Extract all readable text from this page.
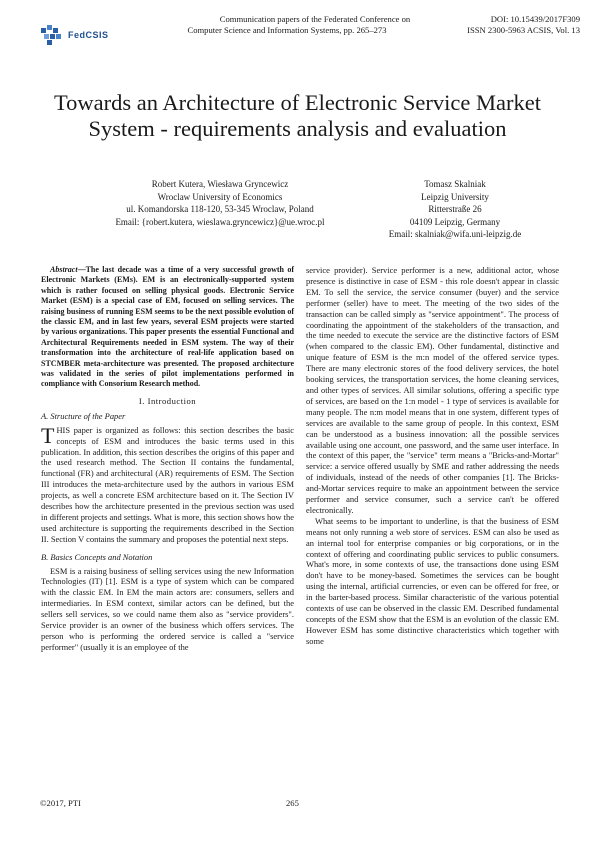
FedCSIS
Communication papers of the Federated Conference on
Computer Science and Information Systems, pp. 265–273
DOI: 10.15439/2017F309
ISSN 2300-5963 ACSIS, Vol. 13
Towards an Architecture of Electronic Service Market System - requirements analysis and evaluation
Robert Kutera, Wiesława Gryncewicz
Wroclaw University of Economics
ul. Komandorska 118-120, 53-345 Wroclaw, Poland
Email: {robert.kutera, wieslawa.gryncewicz}@ue.wroc.pl
Tomasz Skalniak
Leipzig University
Ritterstraße 26
04109 Leipzig, Germany
Email: skalniak@wifa.uni-leipzig.de

Abstract—The last decade was a time of a very successful growth of Electronic Markets (EMs). EM is an electronically-supported system which is rather focused on selling physical goods. Electronic Service Market (ESM) is a special case of EM, focused on selling services. The raising business of running ESM seems to be the next possible evolution of the classic EM, and in last few years, several ESM projects were started by various organizations. This paper presents the essential Functional and Architectural Requirements needed in ESM system. The way of their transformation into the architecture of real-life application based on STCMBER meta-architecture was presented. The proposed architecture was validated in the series of pilot implementations performed in compliance with Consorium Research method.

I. Introduction

A. Structure of the Paper

THIS paper is organized as follows: this section describes the basic concepts of ESM and introduces the basic terms used in this publication. In addition, this section describes the origins of this paper and the used research method. The Section II contains the fundamental, functional (FR) and architectural (AR) requirements of ESM. The Section III introduces the meta-architecture used by the authors in various ESM projects, as well a concrete ESM architecture based on it. The Section IV describes how the architecture presented in the previous section was used in different projects and settings. What is more, this section shows how the used architecture is supporting the requirements described in the Section II. Section V contains the summary and proposes the potential next steps.

B. Basics Concepts and Notation

ESM is a raising business of selling services using the new Information Technologies (IT) [1]. ESM is a type of system which can be compared with the classic EM. In EM the main actors are: consumers, sellers and intermediaries. In ESM context, similar actors can be defined, but the sellers sell services, so we could name them also as "service providers". Service provider is an owner of the business which offers services. The person who is performing the ordered service is called a "service performer" (usually it is an employee of the

service provider). Service performer is a new, additional actor, whose presence is distinctive in case of ESM - this role doesn't appear in classic EM. To sell the service, the service consumer (buyer) and the service performer (seller) have to meet. The meeting of the two sides of the transaction can be called simply as "service appointment". The process of coordinating the appointment of the stakeholders of the transaction, and the time needed to execute the service are the distinctive factors of ESM (when compared to the classic EM). Other fundamental, distinctive and unique feature of ESM is the m:n model of the offered service types. There are many electronic stores of the food delivery services, the hotel booking services, the transportation services, the home cleaning services, and other types of services. All similar solutions, offering a specific type of services, are based on the 1:n model - 1 type of services is available for many people. The n:m model means that in one system, different types of services are available to the same group of people. In this context, ESM can be understood as a business innovation: all the possible services available using one account, one password, and the same user interface. In the context of this paper, the "service" term means a "Bricks-and-Mortar" service: a service offered usually by SME and rather addressing the needs of individuals, instead of the needs of other companies [1]. The Bricks-and-Mortar services require to make an appointment between the service performer and service consumer, such a service can't be offered electronically.

What seems to be important to underline, is that the business of ESM means not only running a web store of services. ESM can also be used as an internal tool for enterprise companies or big corporations, or in the context of offering and coordinating public services to public consumers. What's more, in some contexts of use, the transactions done using ESM don't have to be money-based. Sometimes the services can be bought using the internal, artificial currencies, or even can be offered for free, or in the barter-based process. Similar characteristic of the various potential contexts of use can be observed in the classic EM. Described fundamental concepts of the ESM show that the ESM is an evolution of the classic EM. However ESM has some distinctive characteristics which together with some

©2017, PTI	265
